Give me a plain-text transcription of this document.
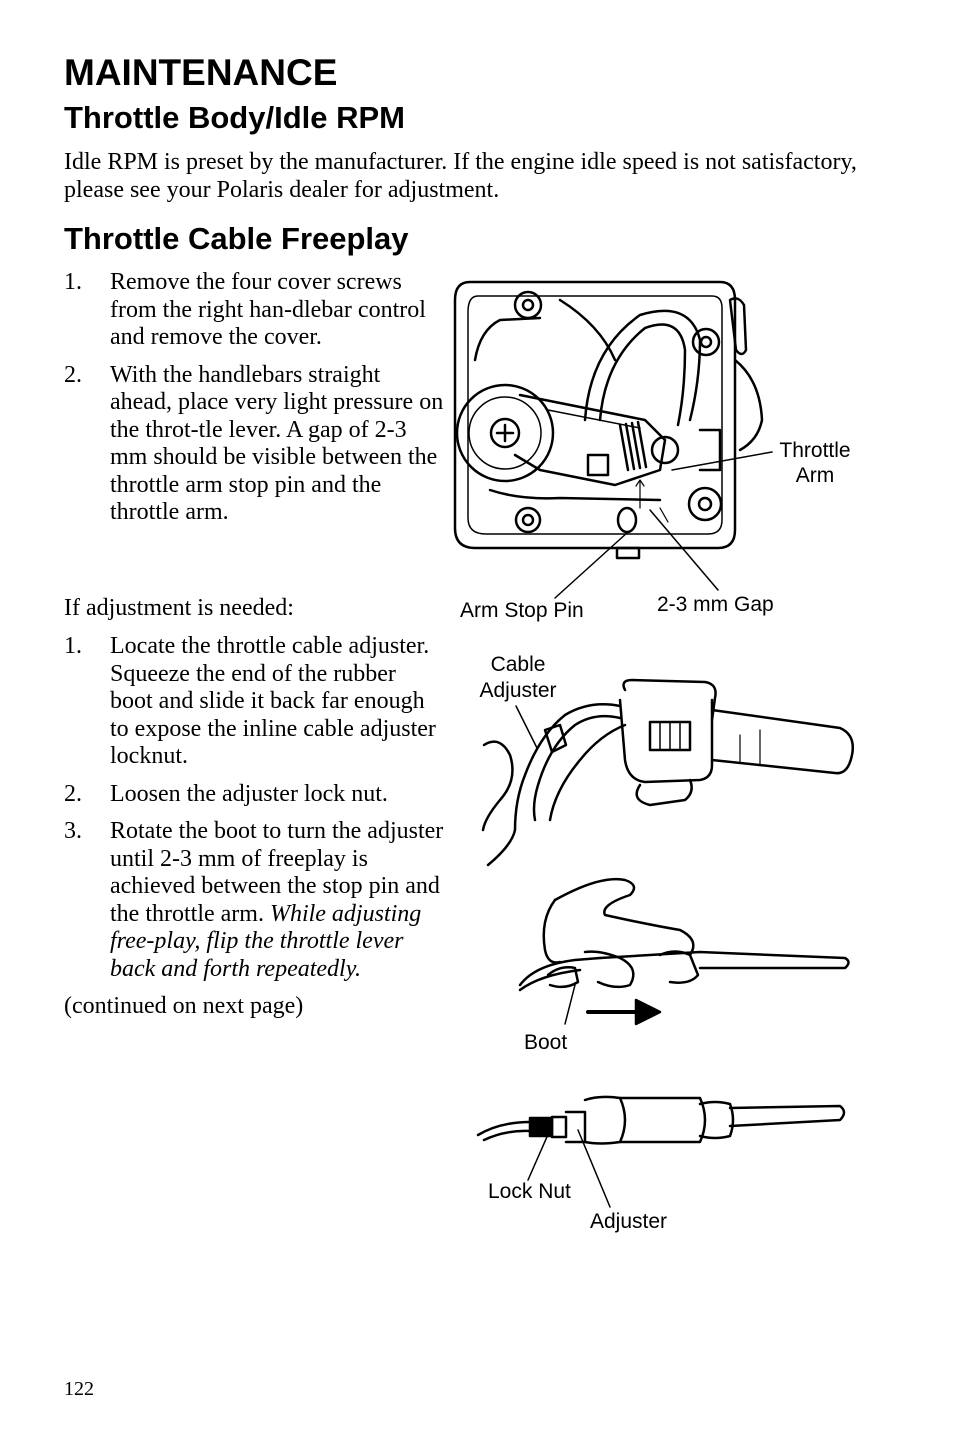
MAINTENANCE
Throttle Body/Idle RPM

Idle RPM is preset by the manufacturer. If the engine idle speed is not satisfactory, please see your Polaris dealer for adjustment.

Throttle Cable Freeplay
1. Remove the four cover screws from the right han-dlebar control and remove the cover.
2. With the handlebars straight ahead, place very light pressure on the throt-tle lever. A gap of 2-3 mm should be visible between the throttle arm stop pin and the throttle arm.
If adjustment is needed:
1. Locate the throttle cable adjuster. Squeeze the end of the rubber boot and slide it back far enough to expose the inline cable adjuster locknut.
2. Loosen the adjuster lock nut.
3. Rotate the boot to turn the adjuster until 2-3 mm of freeplay is achieved between the stop pin and the throttle arm. While adjusting free-play, flip the throttle lever back and forth repeatedly.
(continued on next page)
122
Throttle
Arm
Arm Stop Pin	2-3 mm Gap
Cable
Adjuster
Boot
Lock Nut
Adjuster
